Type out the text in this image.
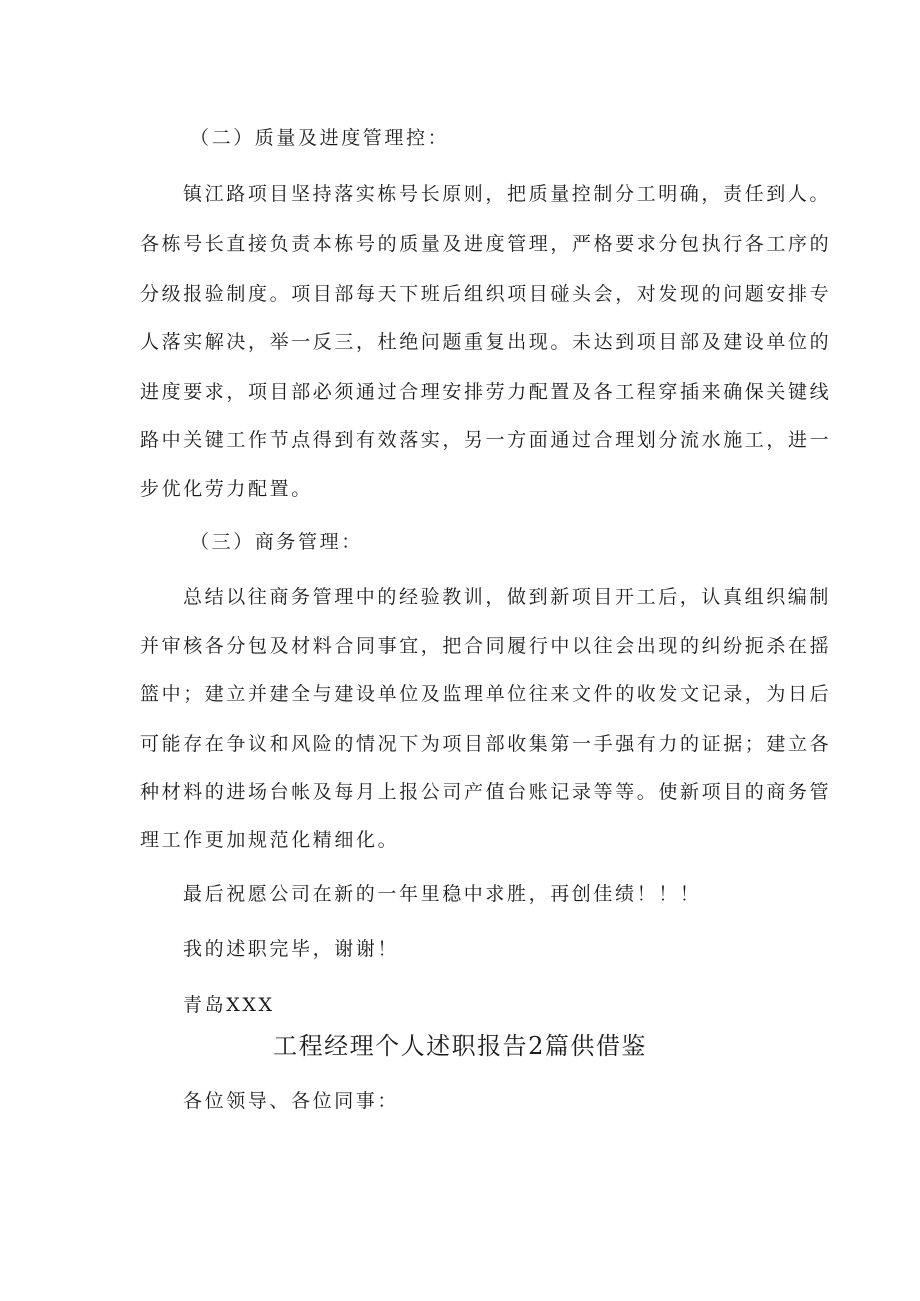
（二）质量及进度管理控：
镇江路项目坚持落实栋号长原则，把质量控制分工明确，责任到人。
各栋号长直接负责本栋号的质量及进度管理，严格要求分包执行各工序的
分级报验制度。项目部每天下班后组织项目碰头会，对发现的问题安排专
人落实解决，举一反三，杜绝问题重复出现。未达到项目部及建设单位的
进度要求，项目部必须通过合理安排劳力配置及各工程穿插来确保关键线
路中关键工作节点得到有效落实，另一方面通过合理划分流水施工，进一
步优化劳力配置。
（三）商务管理：
总结以往商务管理中的经验教训，做到新项目开工后，认真组织编制
并审核各分包及材料合同事宜，把合同履行中以往会出现的纠纷扼杀在摇
篮中；建立并建全与建设单位及监理单位往来文件的收发文记录，为日后
可能存在争议和风险的情况下为项目部收集第一手强有力的证据；建立各
种材料的进场台帐及每月上报公司产值台账记录等等。使新项目的商务管
理工作更加规范化精细化。
最后祝愿公司在新的一年里稳中求胜，再创佳绩！！！
我的述职完毕，谢谢！
青岛XXX
工程经理个人述职报告2篇供借鉴
各位领导、各位同事：
